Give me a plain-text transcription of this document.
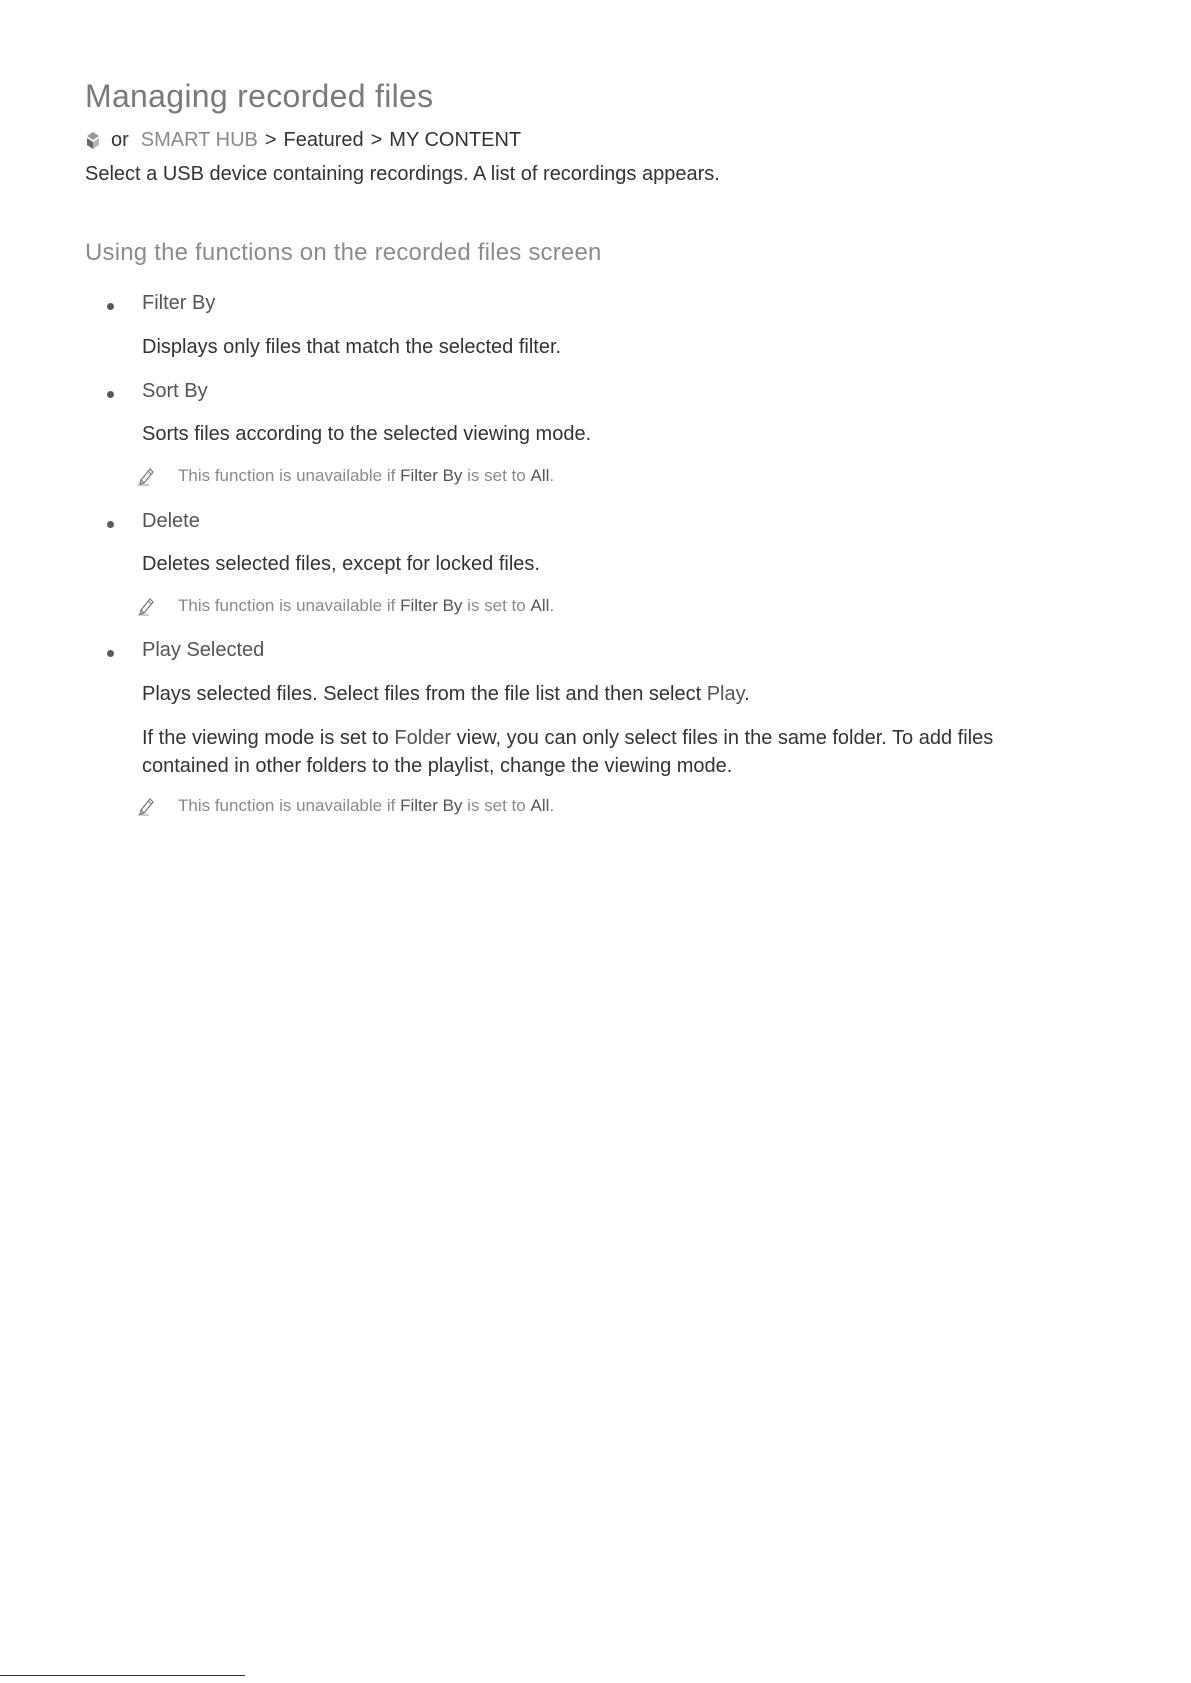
Managing recorded files
or SMART HUB > Featured > MY CONTENT

Select a USB device containing recordings. A list of recordings appears.

Using the functions on the recorded files screen
Filter By

Displays only files that match the selected filter.

Sort By

Sorts files according to the selected viewing mode.

This function is unavailable if
Filter By
is set to
All .
Delete

Deletes selected files, except for locked files.

This function is unavailable if
Filter By
is set to
All .
Play Selected

Plays selected files. Select files from the file list and then select Play.

If the viewing mode is set to Folder view, you can only select files in the same folder. To add files contained in other folders to the playlist, change the viewing mode.

This function is unavailable if
Filter By
is set to
All .
